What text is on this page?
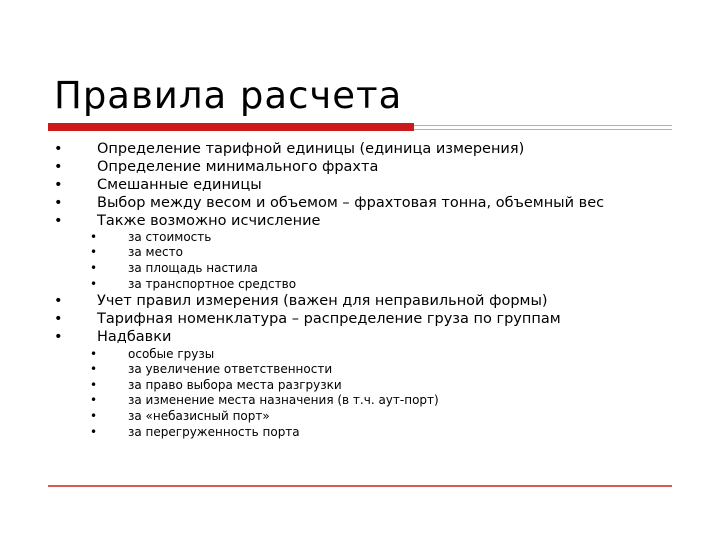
Правила расчета
• Определение тарифной единицы (единица измерения)
• Определение минимального фрахта
• Смешанные единицы
• Выбор между весом и объемом – фрахтовая тонна, объемный вес
• Также возможно исчисление
•	за стоимость
•	за место
•	за площадь настила
•	за транспортное средство
• Учет правил измерения (важен для неправильной формы)
• Тарифная номенклатура – распределение груза по группам
• Надбавки
•	особые грузы
•	за увеличение ответственности
•	за право выбора места разгрузки
•	за изменение места назначения (в т.ч. аут-порт)
•	за «небазисный порт»
•	за перегруженность порта
